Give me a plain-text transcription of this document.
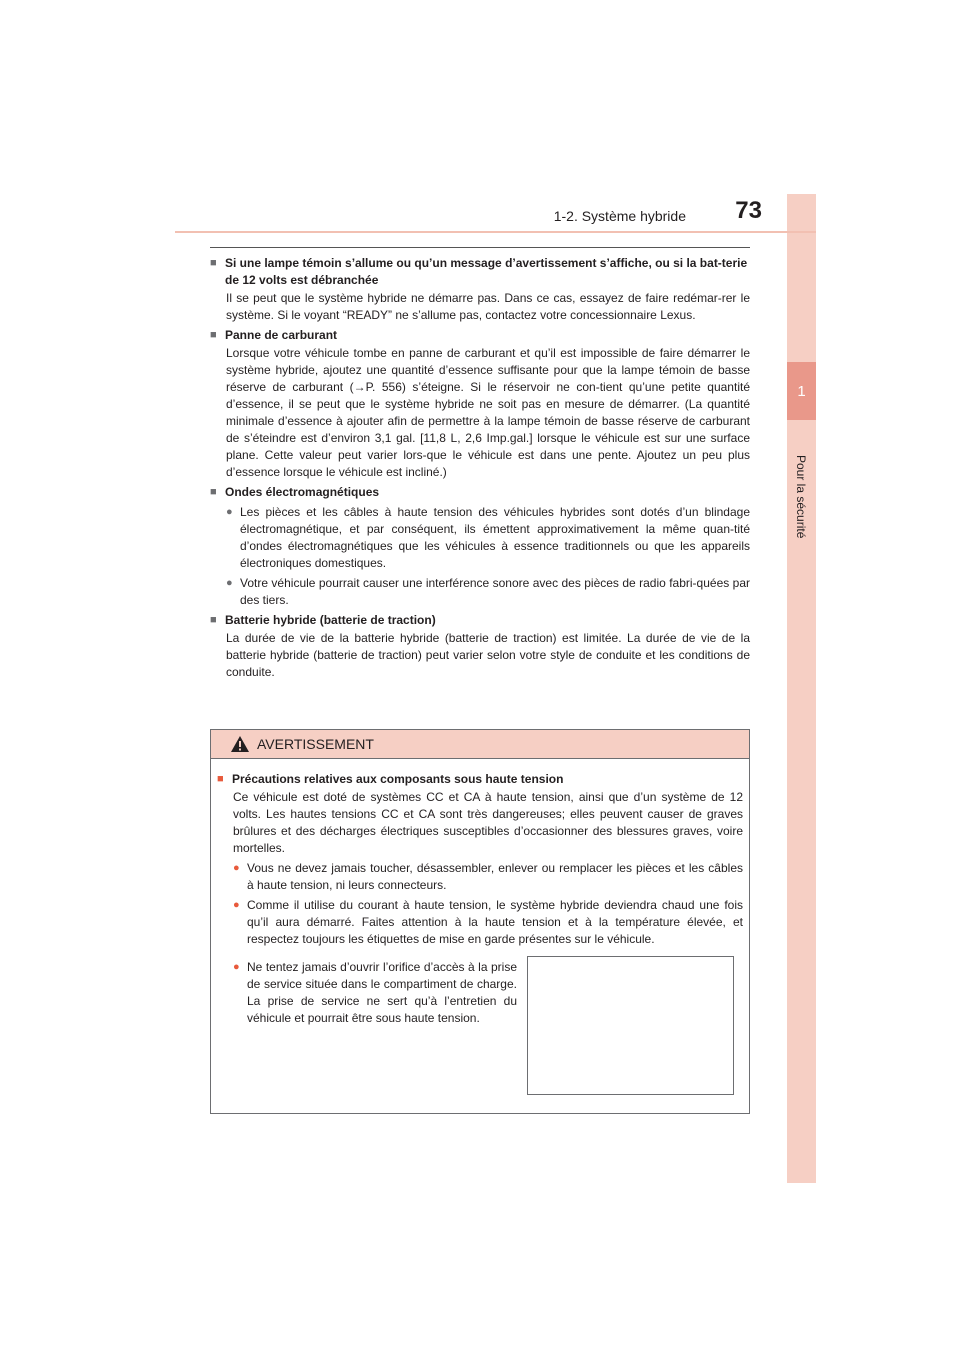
1
Pour la sécurité
1-2. Système hybride	73
■ Si une lampe témoin s’allume ou qu’un message d’avertissement s’affiche, ou si la bat-terie de 12 volts est débranchée
Il se peut que le système hybride ne démarre pas. Dans ce cas, essayez de faire redémar-rer le système. Si le voyant “READY” ne s’allume pas, contactez votre concessionnaire Lexus.
■ Panne de carburant
Lorsque votre véhicule tombe en panne de carburant et qu’il est impossible de faire démarrer le système hybride, ajoutez une quantité d’essence suffisante pour que la lampe témoin de basse réserve de carburant (→P. 556) s’éteigne. Si le réservoir ne con-tient qu’une petite quantité d’essence, il se peut que le système hybride ne soit pas en mesure de démarrer. (La quantité minimale d’essence à ajouter afin de permettre à la lampe témoin de basse réserve de carburant de s’éteindre est d’environ 3,1 gal. [11,8 L, 2,6 Imp.gal.] lorsque le véhicule est sur une surface plane. Cette valeur peut varier lors-que le véhicule est dans une pente. Ajoutez un peu plus d’essence lorsque le véhicule est incliné.)
■ Ondes électromagnétiques
● Les pièces et les câbles à haute tension des véhicules hybrides sont dotés d’un blindage électromagnétique, et par conséquent, ils émettent approximativement la même quan-tité d’ondes électromagnétiques que les véhicules à essence traditionnels ou que les appareils électroniques domestiques.
● Votre véhicule pourrait causer une interférence sonore avec des pièces de radio fabri-quées par des tiers.
■ Batterie hybride (batterie de traction)
La durée de vie de la batterie hybride (batterie de traction) est limitée. La durée de vie de la batterie hybride (batterie de traction) peut varier selon votre style de conduite et les conditions de conduite.
AVERTISSEMENT
■ Précautions relatives aux composants sous haute tension
Ce véhicule est doté de systèmes CC et CA à haute tension, ainsi que d’un système de 12 volts. Les hautes tensions CC et CA sont très dangereuses; elles peuvent causer de graves brûlures et des décharges électriques susceptibles d’occasionner des blessures graves, voire mortelles.
● Vous ne devez jamais toucher, désassembler, enlever ou remplacer les pièces et les câbles à haute tension, ni leurs connecteurs.
● Comme il utilise du courant à haute tension, le système hybride deviendra chaud une fois qu’il aura démarré. Faites attention à la haute tension et à la température élevée, et respectez toujours les étiquettes de mise en garde présentes sur le véhicule.
● Ne tentez jamais d’ouvrir l’orifice d’accès à la prise de service située dans le compartiment de charge. La prise de service ne sert qu’à l’entretien du véhicule et pourrait être sous haute tension.
